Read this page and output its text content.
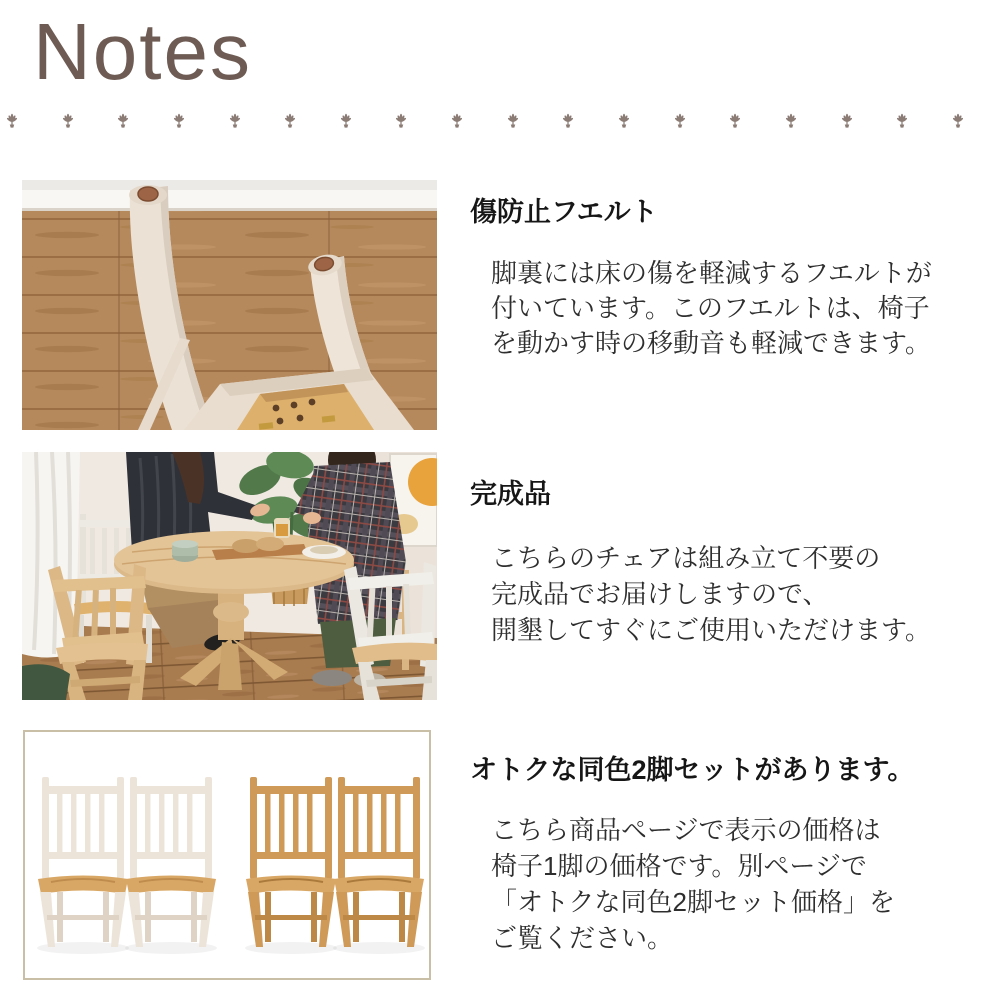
Notes
傷防止フエルト
脚裏には床の傷を軽減するフエルトが
付いています。このフエルトは、椅子
を動かす時の移動音も軽減できます。
完成品
こちらのチェアは組み立て不要の
完成品でお届けしますので、
開墾してすぐにご使用いただけます。
オトクな同色2脚セットがあります。
こちら商品ページで表示の価格は
椅子1脚の価格です。別ページで
「オトクな同色2脚セット価格」を
ご覧ください。
